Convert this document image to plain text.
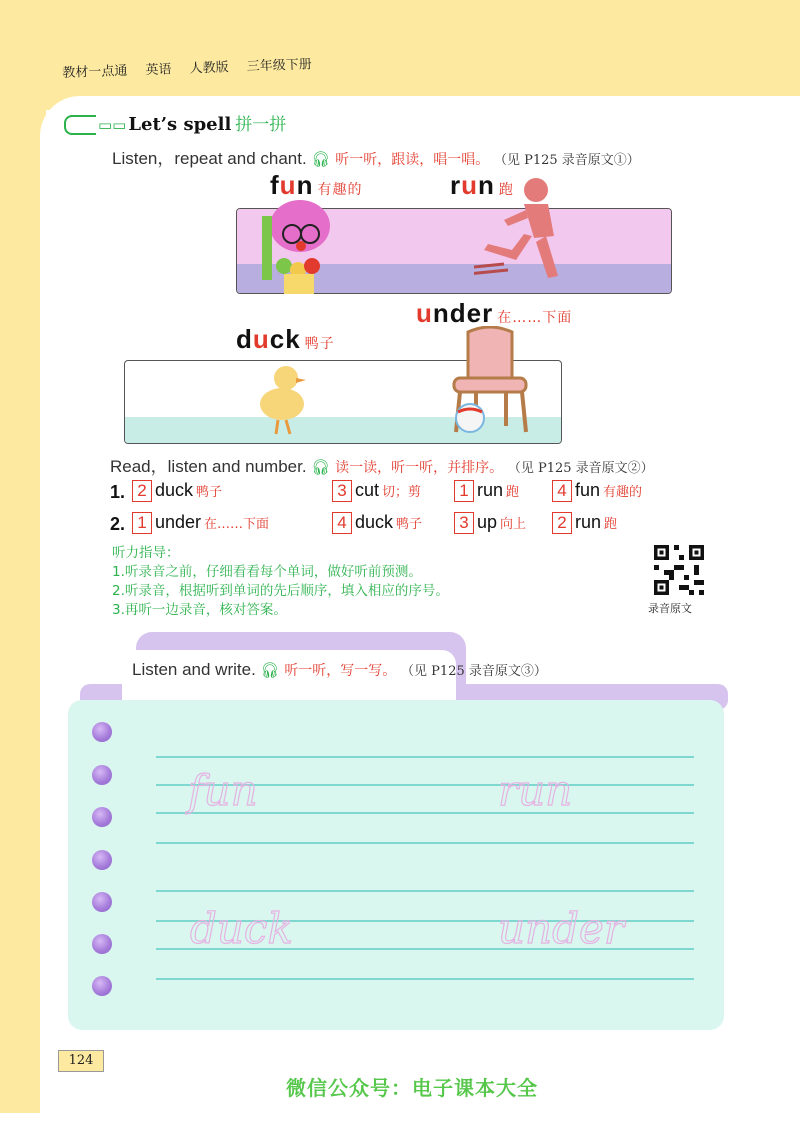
教材一点通 英语 人教版 三年级下册
▭▭ Let’s spell 拼一拼
Listen，repeat and chant. 🎧︎ 听一听，跟读，唱一唱。 （见 P125 录音原文①）
fun 有趣的	run 跑
under 在……下面
duck 鸭子
Read，listen and number. 🎧︎ 读一读，听一听，并排序。 （见 P125 录音原文②）
1. 2 duck 鸭子	3 cut 切；剪	1 run 跑	4 fun 有趣的
2. 1 under 在……下面	4 duck 鸭子	3 up 向上	2 run 跑
听力指导：
1.听录音之前，仔细看看每个单词，做好听前预测。
2.听录音，根据听到单词的先后顺序，填入相应的序号。
3.再听一边录音，核对答案。	录音原文
Listen and write. 🎧︎ 听一听，写一写。 （见 P125 录音原文③）
fun	run
duck	under
124
微信公众号：电子课本大全
